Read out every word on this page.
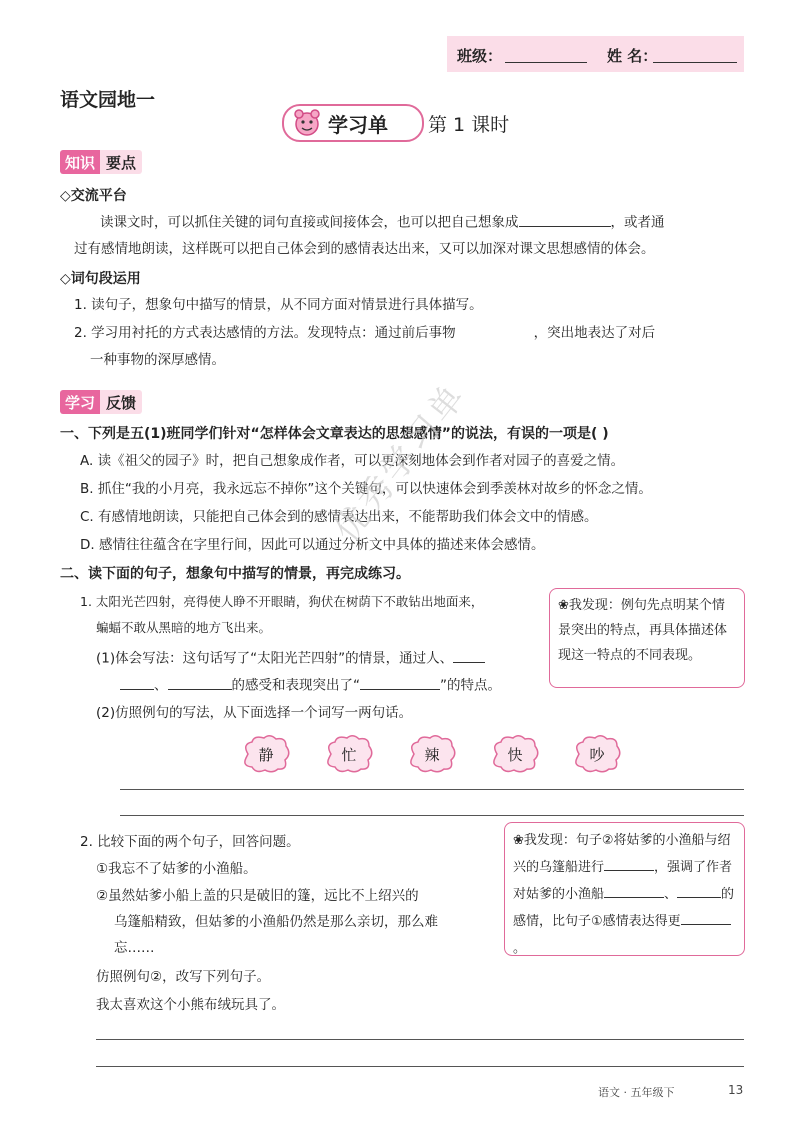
班级：	姓 名：
语文园地一
学习单 第 1 课时
知识 要点
◇交流平台
读课文时，可以抓住关键的词句直接或间接体会，也可以把自己想象成	，或者通
过有感情地朗读，这样既可以把自己体会到的感情表达出来，又可以加深对课文思想感情的体会。
◇词句段运用
1. 读句子，想象句中描写的情景，从不同方面对情景进行具体描写。
2. 学习用衬托的方式表达感情的方法。发现特点：通过前后事物	，突出地表达了对后
一种事物的深厚感情。
学习 反馈
一、下列是五(1)班同学们针对“怎样体会文章表达的思想感情”的说法，有误的一项是( )
A. 读《祖父的园子》时，把自己想象成作者，可以更深刻地体会到作者对园子的喜爱之情。
B. 抓住“我的小月亮，我永远忘不掉你”这个关键句，可以快速体会到季羡林对故乡的怀念之情。
C. 有感情地朗读，只能把自己体会到的感情表达出来，不能帮助我们体会文中的情感。
D. 感情往往蕴含在字里行间，因此可以通过分析文中具体的描述来体会感情。
二、读下面的句子，想象句中描写的情景，再完成练习。
1. 太阳光芒四射，亮得使人睁不开眼睛，狗伏在树荫下不敢钻出地面来，
蝙蝠不敢从黑暗的地方飞出来。
(1)体会写法：这句话写了“太阳光芒四射”的情景，通过人、
、	的感受和表现突出了“	”的特点。
(2)仿照例句的写法，从下面选择一个词写一两句话。
❀我发现：例句先点明某个情景突出的特点，再具体描述体现这一特点的不同表现。
静	忙	辣	快	吵
2. 比较下面的两个句子，回答问题。
①我忘不了姑爹的小渔船。
②虽然姑爹小船上盖的只是破旧的篷，远比不上绍兴的
乌篷船精致，但姑爹的小渔船仍然是那么亲切，那么难
忘……
❀我发现：句子②将姑爹的小渔船与绍兴的乌篷船进行	，强调了作者对姑爹的小渔船	、	的感情，比句子①感情表达得更。
仿照例句②，改写下列句子。
我太喜欢这个小熊布绒玩具了。
语文 · 五年级下	13
优秀学习单
